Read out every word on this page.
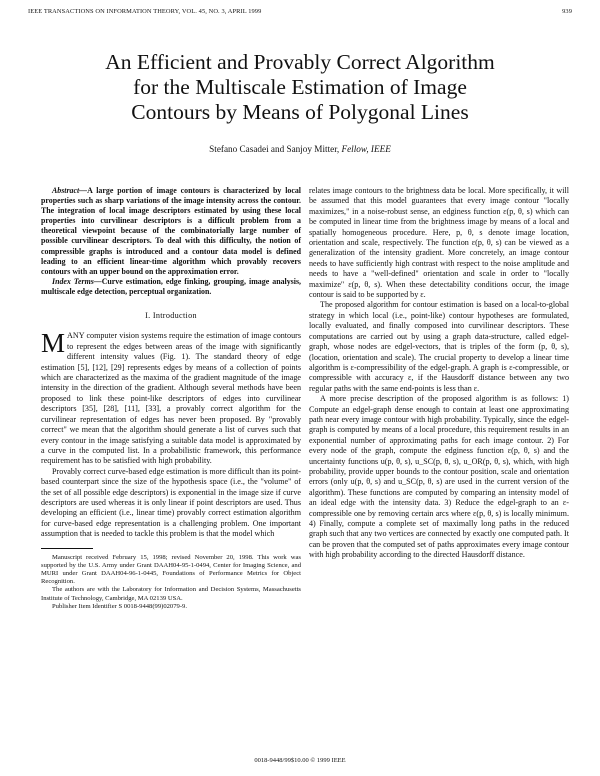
IEEE TRANSACTIONS ON INFORMATION THEORY, VOL. 45, NO. 3, APRIL 1999	939
An Efficient and Provably Correct Algorithm
for the Multiscale Estimation of Image
Contours by Means of Polygonal Lines
Stefano Casadei and Sanjoy Mitter, Fellow, IEEE

Abstract—A large portion of image contours is characterized by local properties such as sharp variations of the image intensity across the contour. The integration of local image descriptors estimated by using these local properties into curvilinear descriptors is a difficult problem from a theoretical viewpoint because of the combinatorially large number of possible curvilinear descriptors. To deal with this difficulty, the notion of compressible graphs is introduced and a contour data model is defined leading to an efficient linear-time algorithm which provably recovers contours with an upper bound on the approximation error.

Index Terms—Curve estimation, edge finking, grouping, image analysis, multiscale edge detection, perceptual organization.

I. Introduction

MANY computer vision systems require the estimation of image contours to represent the edges between areas of the image with significantly different intensity values (Fig. 1). The standard theory of edge estimation [5], [12], [29] represents edges by means of a collection of points which are characterized as the maxima of the gradient magnitude of the image intensity in the direction of the gradient. Although several methods have been proposed to link these point-like descriptors of edges into curvilinear descriptors [35], [28], [11], [33], a provably correct algorithm for the curvilinear representation of edges has never been proposed. By "provably correct" we mean that the algorithm should generate a list of curves such that every contour in the image satisfying a suitable data model is approximated by a curve in the computed list. In a probabilistic framework, this performance requirement has to be satisfied with high probability.

Provably correct curve-based edge estimation is more difficult than its point-based counterpart since the size of the hypothesis space (i.e., the "volume" of the set of all possible edge descriptors) is exponential in the image size if curve descriptors are used whereas it is only linear if point descriptors are used. Thus developing an efficient (i.e., linear time) provably correct estimation algorithm for curve-based edge representation is a challenging problem. One important assumption that is needed to tackle this problem is that the model which

Manuscript received February 15, 1998; revised November 20, 1998. This work was supported by the U.S. Army under Grant DAAH04-95-1-0494, Center for Imaging Science, and MURI under Grant DAAH04-96-1-0445, Foundations of Performance Metrics for Object Recognition.

The authors are with the Laboratory for Information and Decision Systems, Massachusetts Institute of Technology, Cambridge, MA 02139 USA.

Publisher Item Identifier S 0018-9448(99)02079-9.

relates image contours to the brightness data be local. More specifically, it will be assumed that this model guarantees that every image contour "locally maximizes," in a noise-robust sense, an edginess function ε(p, θ, s) which can be computed in linear time from the brightness image by means of a local and spatially homogeneous procedure. Here, p, θ, s denote image location, orientation and scale, respectively. The function ε(p, θ, s) can be viewed as a generalization of the intensity gradient. More concretely, an image contour needs to have sufficiently high contrast with respect to the noise amplitude and needs to have a "well-defined" orientation and scale in order to "locally maximize" ε(p, θ, s). When these detectability conditions occur, the image contour is said to be supported by ε.

The proposed algorithm for contour estimation is based on a local-to-global strategy in which local (i.e., point-like) contour hypotheses are formulated, locally evaluated, and finally composed into curvilinear descriptors. These computations are carried out by using a graph data-structure, called edgel-graph, whose nodes are edgel-vectors, that is triples of the form (p, θ, s), (location, orientation and scale). The crucial property to develop a linear time algorithm is ε-compressibility of the edgel-graph. A graph is ε-compressible, or compressible with accuracy ε, if the Hausdorff distance between any two regular paths with the same end-points is less than ε.

A more precise description of the proposed algorithm is as follows: 1) Compute an edgel-graph dense enough to contain at least one approximating path near every image contour with high probability. Typically, since the edgel-graph is computed by means of a local procedure, this requirement results in an exponential number of approximating paths for each image contour. 2) For every node of the graph, compute the edginess function ε(p, θ, s) and the uncertainty functions u(p, θ, s), u_SC(p, θ, s), u_OR(p, θ, s), which, with high probability, provide upper bounds to the contour position, scale and orientation errors (only u(p, θ, s) and u_SC(p, θ, s) are used in the current version of the algorithm). These functions are computed by comparing an intensity model of an ideal edge with the intensity data. 3) Reduce the edgel-graph to an ε-compressible one by removing certain arcs where ε(p, θ, s) is locally minimum. 4) Finally, compute a complete set of maximally long paths in the reduced graph such that any two vertices are connected by exactly one computed path. It can be proven that the computed set of paths approximates every image contour with high probability according to the directed Hausdorff distance.

0018-9448/99$10.00 © 1999 IEEE
